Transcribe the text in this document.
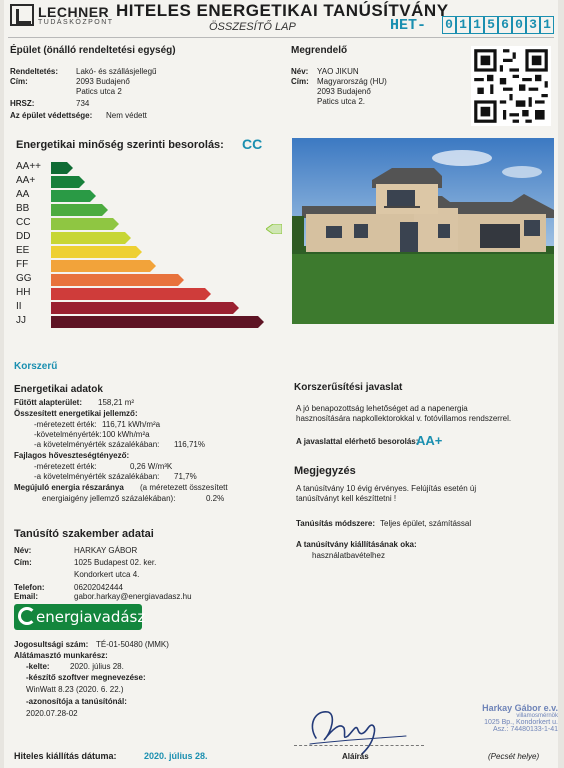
LECHNER
TUDÁSKÖZPONT
HITELES ENERGETIKAI TANÚSÍTVÁNY
ÖSSZESÍTŐ LAP	HET- 0 1 1 5 6 0 3 1
Épület (önálló rendeltetési egység)
Rendeltetés: Lakó- és szállásjellegű
Cím:	2093 Budajenő
Patics utca 2
HRSZ:	734
Az épület védettsége: Nem védett
Megrendelő
Név: YAO JIKUN
Cím: Magyarország (HU)
2093 Budajenő
Patics utca 2.
Energetikai minőség szerinti besorolás: CC
AA++
AA+
AA
BB
CC
DD
EE
FF
GG
HH
II
JJ
Korszerű
Energetikai adatok
Fűtött alapterület: 158,21 m²
Összesített energetikai jellemző:
-méretezett érték: 116,71 kWh/m²a
-követelményérték: 100 kWh/m²a
-a követelményérték százalékában: 116,71%
Fajlagos hőveszteségtényező:
-méretezett érték:	0,26 W/m³K
-a követelményérték százalékában: 71,7%
Megújuló energia részaránya (a méretezett összesített
energiaigény jellemző százalékában):	0.2%
Korszerűsítési javaslat
A jó benapozottság lehetőséget ad a napenergia
hasznosítására napkollektorokkal v. fotóvillamos rendszerrel.
A javaslattal elérhető besorolás:
AA+
Megjegyzés
A tanúsítvány 10 évig érvényes. Felújítás esetén új
tanúsítványt kell készíttetni !
Tanúsítás módszere: Teljes épület, számítással
A tanúsítvány kiállításának oka:
használatbavételhez
Tanúsító szakember adatai
Név:	HARKAY GÁBOR
Cím:	1025 Budapest 02. ker.
Kondorkert utca 4.
Telefon:	06202042444
Email:	gabor.harkay@energiavadasz.hu
energiavadász
Jogosultsági szám: TÉ-01-50480 (MMK)
Alátámasztó munkarész:
-kelte:	2020. július 28.
-készítő szoftver megnevezése:
WinWatt 8.23 (2020. 6. 22.)
-azonosítója a tanúsítónál:
2020.07.28-02
Hiteles kiállítás dátuma:	2020. július 28.	Aláírás
Harkay Gábor e.v.
villamosmérnök
1025 Bp., Kondorkert u.
Asz.: 74480133-1-41
(Pecsét helye)
